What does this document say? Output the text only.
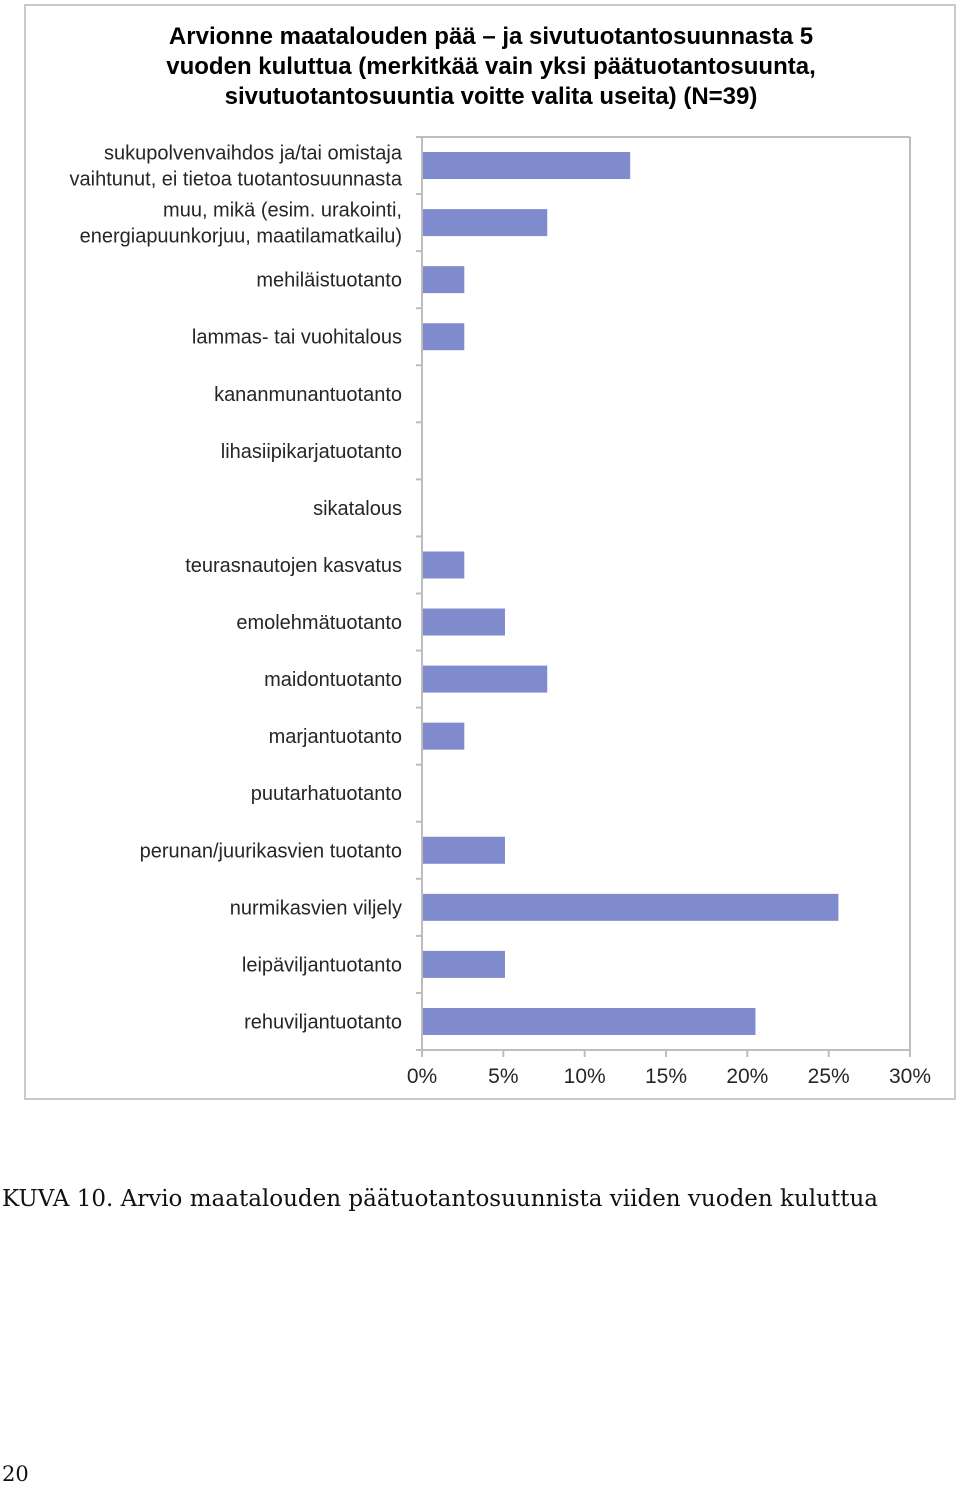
Arvionne maatalouden pää – ja sivutuotantosuunnasta 5
vuoden kuluttua (merkitkää vain yksi päätuotantosuunta,
sivutuotantosuuntia voitte valita useita) (N=39)
0% 5% 10% 15% 20% 25% 30%
sukupolvenvaihdos ja/tai omistaja
vaihtunut, ei tietoa tuotantosuunnasta
muu, mikä (esim. urakointi,
energiapuunkorjuu, maatilamatkailu)
mehiläistuotanto
lammas- tai vuohitalous
kananmunantuotanto
lihasiipikarjatuotanto
sikatalous
teurasnautojen kasvatus
emolehmätuotanto
maidontuotanto
marjantuotanto
puutarhatuotanto
perunan/juurikasvien tuotanto
nurmikasvien viljely
leipäviljantuotanto
rehuviljantuotanto

KUVA 10. Arvio maatalouden päätuotantosuunnista viiden vuoden kuluttua

20
